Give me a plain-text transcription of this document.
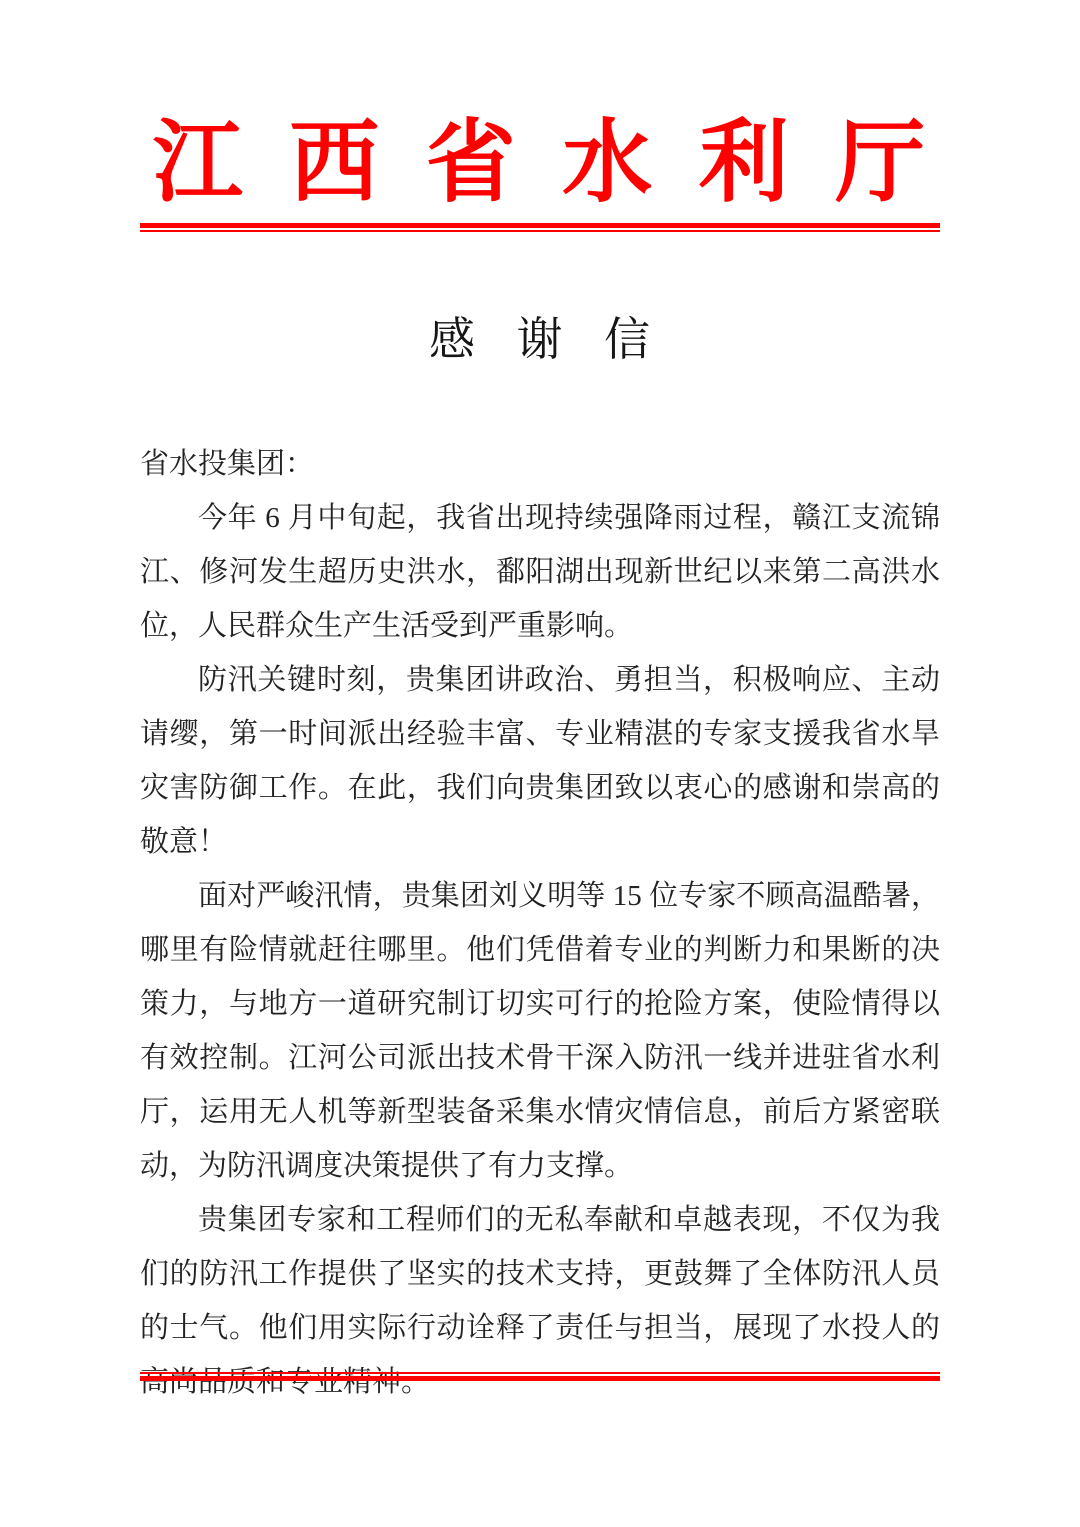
江 西 省 水 利 厅
感 谢 信

省水投集团：

今年 6 月中旬起，我省出现持续强降雨过程，赣江支流锦江、修河发生超历史洪水，鄱阳湖出现新世纪以来第二高洪水位，人民群众生产生活受到严重影响。

防汛关键时刻，贵集团讲政治、勇担当，积极响应、主动请缨，第一时间派出经验丰富、专业精湛的专家支援我省水旱灾害防御工作。在此，我们向贵集团致以衷心的感谢和崇高的敬意！

面对严峻汛情，贵集团刘义明等 15 位专家不顾高温酷暑，哪里有险情就赶往哪里。他们凭借着专业的判断力和果断的决策力，与地方一道研究制订切实可行的抢险方案，使险情得以有效控制。江河公司派出技术骨干深入防汛一线并进驻省水利厅，运用无人机等新型装备采集水情灾情信息，前后方紧密联动，为防汛调度决策提供了有力支撑。

贵集团专家和工程师们的无私奉献和卓越表现，不仅为我们的防汛工作提供了坚实的技术支持，更鼓舞了全体防汛人员的士气。他们用实际行动诠释了责任与担当，展现了水投人的高尚品质和专业精神。
